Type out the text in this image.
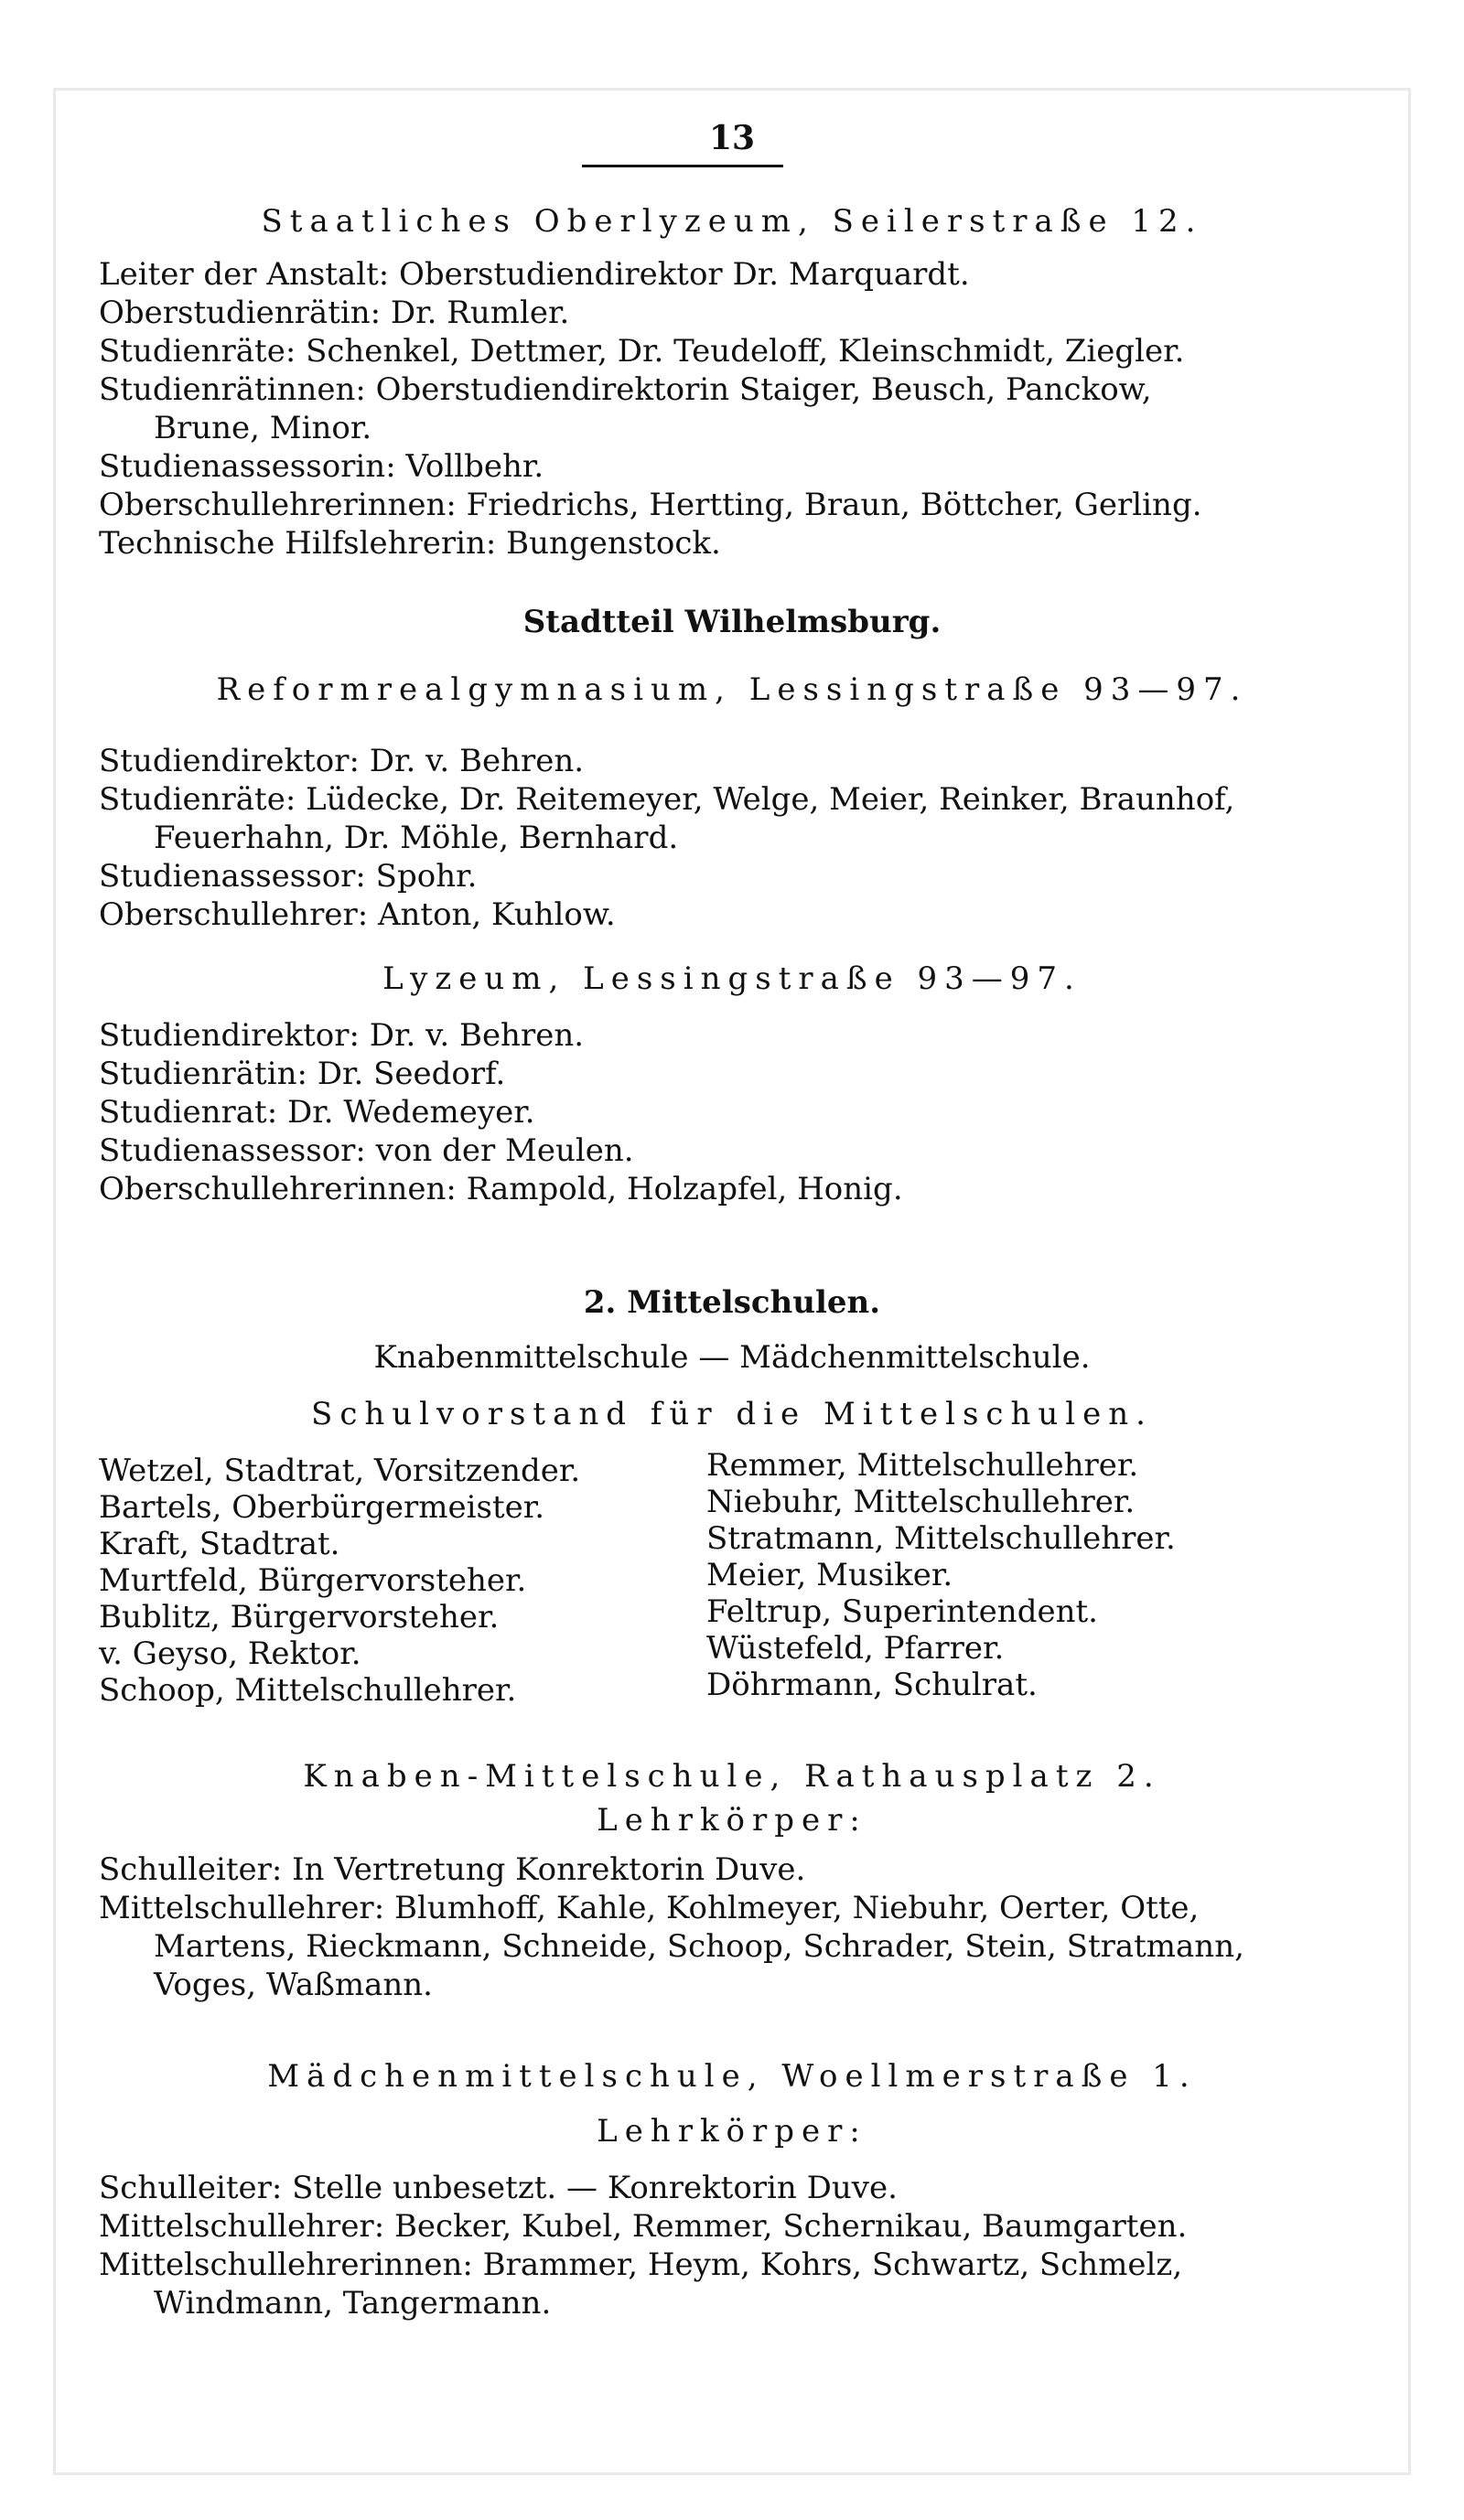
13
Staatliches Oberlyzeum, Seilerstraße 12.
Leiter der Anstalt: Oberstudiendirektor Dr. Marquardt.
Oberstudienrätin: Dr. Rumler.
Studienräte: Schenkel, Dettmer, Dr. Teudeloff, Kleinschmidt, Ziegler.
Studienrätinnen: Oberstudiendirektorin Staiger, Beusch, Panckow,
Brune, Minor.
Studienassessorin: Vollbehr.
Oberschullehrerinnen: Friedrichs, Hertting, Braun, Böttcher, Gerling.
Technische Hilfslehrerin: Bungenstock.
Stadtteil Wilhelmsburg.
Reformrealgymnasium, Lessingstraße 93—97.
Studiendirektor: Dr. v. Behren.
Studienräte: Lüdecke, Dr. Reitemeyer, Welge, Meier, Reinker, Braunhof,
Feuerhahn, Dr. Möhle, Bernhard.
Studienassessor: Spohr.
Oberschullehrer: Anton, Kuhlow.
Lyzeum, Lessingstraße 93—97.
Studiendirektor: Dr. v. Behren.
Studienrätin: Dr. Seedorf.
Studienrat: Dr. Wedemeyer.
Studienassessor: von der Meulen.
Oberschullehrerinnen: Rampold, Holzapfel, Honig.
2. Mittelschulen.
Knabenmittelschule — Mädchenmittelschule.
Schulvorstand für die Mittelschulen.
Wetzel, Stadtrat, Vorsitzender.
Bartels, Oberbürgermeister.
Kraft, Stadtrat.
Murtfeld, Bürgervorsteher.
Bublitz, Bürgervorsteher.
v. Geyso, Rektor.
Schoop, Mittelschullehrer.
Remmer, Mittelschullehrer.
Niebuhr, Mittelschullehrer.
Stratmann, Mittelschullehrer.
Meier, Musiker.
Feltrup, Superintendent.
Wüstefeld, Pfarrer.
Döhrmann, Schulrat.
Knaben-Mittelschule, Rathausplatz 2.
Lehrkörper:
Schulleiter: In Vertretung Konrektorin Duve.
Mittelschullehrer: Blumhoff, Kahle, Kohlmeyer, Niebuhr, Oerter, Otte,
Martens, Rieckmann, Schneide, Schoop, Schrader, Stein, Stratmann,
Voges, Waßmann.
Mädchenmittelschule, Woellmerstraße 1.
Lehrkörper:
Schulleiter: Stelle unbesetzt. — Konrektorin Duve.
Mittelschullehrer: Becker, Kubel, Remmer, Schernikau, Baumgarten.
Mittelschullehrerinnen: Brammer, Heym, Kohrs, Schwartz, Schmelz,
Windmann, Tangermann.
